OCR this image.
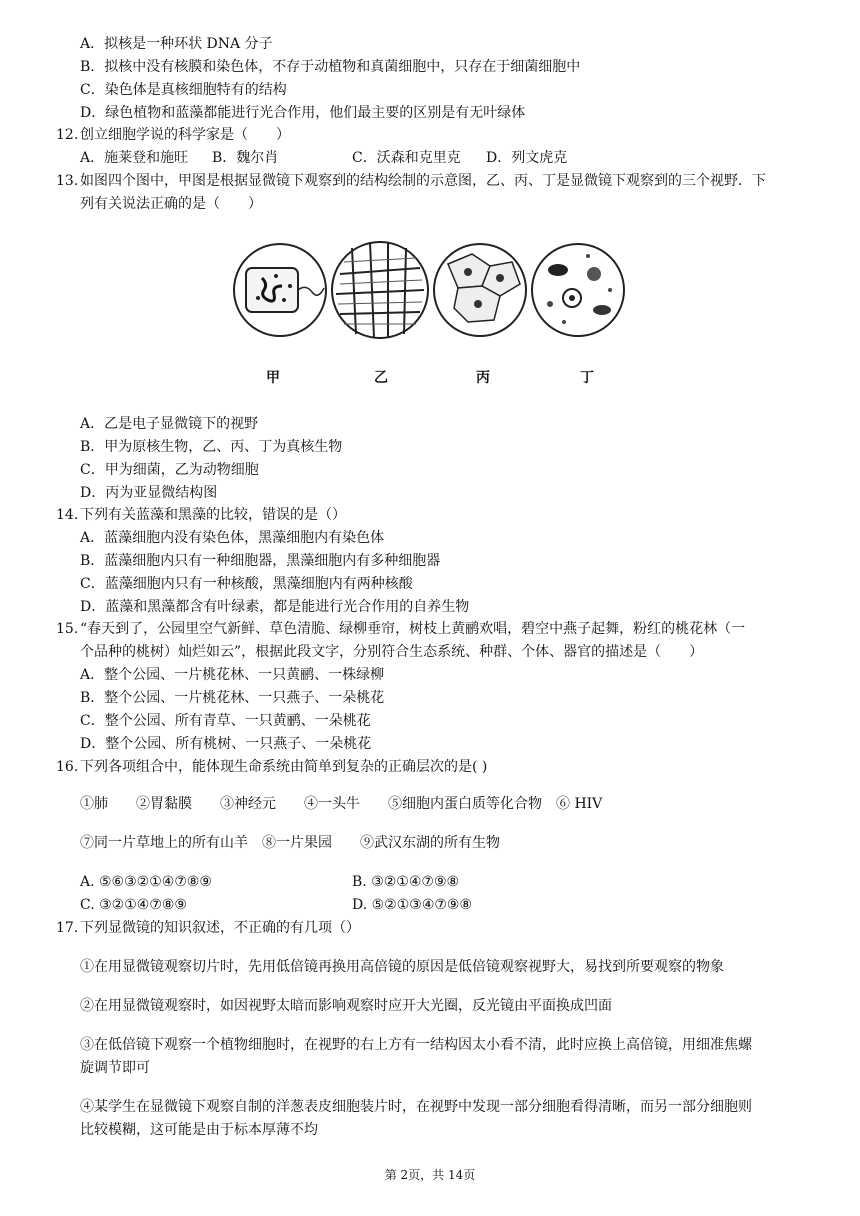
A．拟核是一种环状 DNA 分子
B．拟核中没有核膜和染色体，不存于动植物和真菌细胞中，只存在于细菌细胞中
C．染色体是真核细胞特有的结构
D．绿色植物和蓝藻都能进行光合作用，他们最主要的区别是有无叶绿体
12. 创立细胞学说的科学家是（　　）
A．施莱登和施旺 B．魏尔肖	C．沃森和克里克 D．列文虎克
13. 如图四个图中，甲图是根据显微镜下观察到的结构绘制的示意图，乙、丙、丁是显微镜下观察到的三个视野．下
列有关说法正确的是（　　）
甲	乙	丙	丁
A．乙是电子显微镜下的视野
B．甲为原核生物，乙、丙、丁为真核生物
C．甲为细菌，乙为动物细胞
D．丙为亚显微结构图
14. 下列有关蓝藻和黑藻的比较，错误的是（）
A．蓝藻细胞内没有染色体，黑藻细胞内有染色体
B．蓝藻细胞内只有一种细胞器，黑藻细胞内有多种细胞器
C．蓝藻细胞内只有一种核酸，黑藻细胞内有两种核酸
D．蓝藻和黑藻都含有叶绿素，都是能进行光合作用的自养生物
15. “春天到了，公园里空气新鲜、草色清脆、绿柳垂帘，树枝上黄鹂欢唱，碧空中燕子起舞，粉红的桃花林（一
个品种的桃树）灿烂如云”，根据此段文字，分别符合生态系统、种群、个体、器官的描述是（　　）
A．整个公园、一片桃花林、一只黄鹂、一株绿柳
B．整个公园、一片桃花林、一只燕子、一朵桃花
C．整个公园、所有青草、一只黄鹂、一朵桃花
D．整个公园、所有桃树、一只燕子、一朵桃花
16. 下列各项组合中，能体现生命系统由简单到复杂的正确层次的是( )
①肺　　②胃黏膜　　③神经元　　④一头牛　　⑤细胞内蛋白质等化合物　⑥ HIV
⑦同一片草地上的所有山羊　⑧一片果园　　⑨武汉东湖的所有生物
A. ⑤⑥③②①④⑦⑧⑨	B. ③②①④⑦⑨⑧
C. ③②①④⑦⑧⑨	D. ⑤②①③④⑦⑨⑧
17. 下列显微镜的知识叙述，不正确的有几项（）
①在用显微镜观察切片时，先用低倍镜再换用高倍镜的原因是低倍镜观察视野大，易找到所要观察的物象
②在用显微镜观察时，如因视野太暗而影响观察时应开大光圈，反光镜由平面换成凹面
③在低倍镜下观察一个植物细胞时，在视野的右上方有一结构因太小看不清，此时应换上高倍镜，用细准焦螺
旋调节即可
④某学生在显微镜下观察自制的洋葱表皮细胞装片时，在视野中发现一部分细胞看得清晰，而另一部分细胞则
比较模糊，这可能是由于标本厚薄不均
第 2页，共 14页
